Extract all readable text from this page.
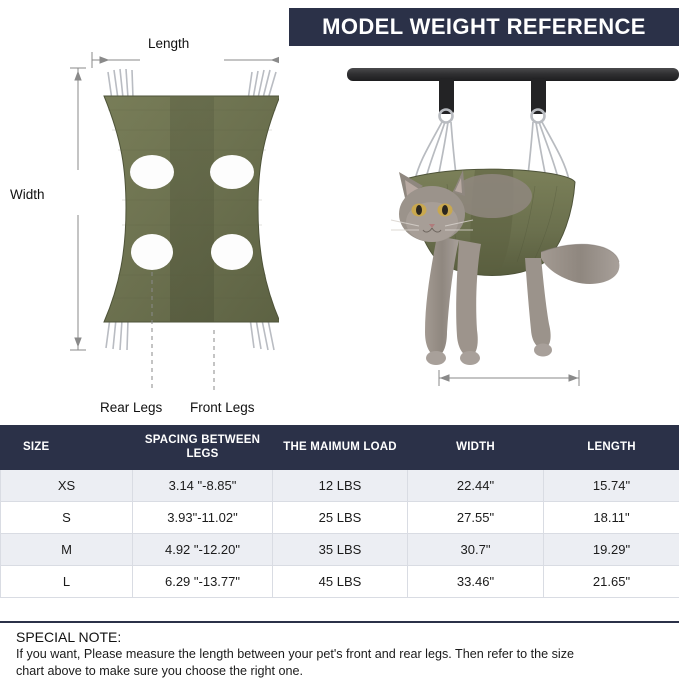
MODEL WEIGHT REFERENCE
Length
Width
Rear Legs Front Legs
SIZE	SPACING BETWEEN LEGS	THE MAIMUM LOAD	WIDTH	LENGTH
XS	3.14 "-8.85"	12 LBS	22.44"	15.74"
S	3.93"-11.02"	25 LBS	27.55"	18.11"
M	4.92 "-12.20"	35 LBS	30.7"	19.29"
L	6.29 "-13.77"	45 LBS	33.46"	21.65"

SPECIAL NOTE:

If you want, Please measure the length between your pet's front and rear legs. Then refer to the size

chart above to make sure you choose the right one.
